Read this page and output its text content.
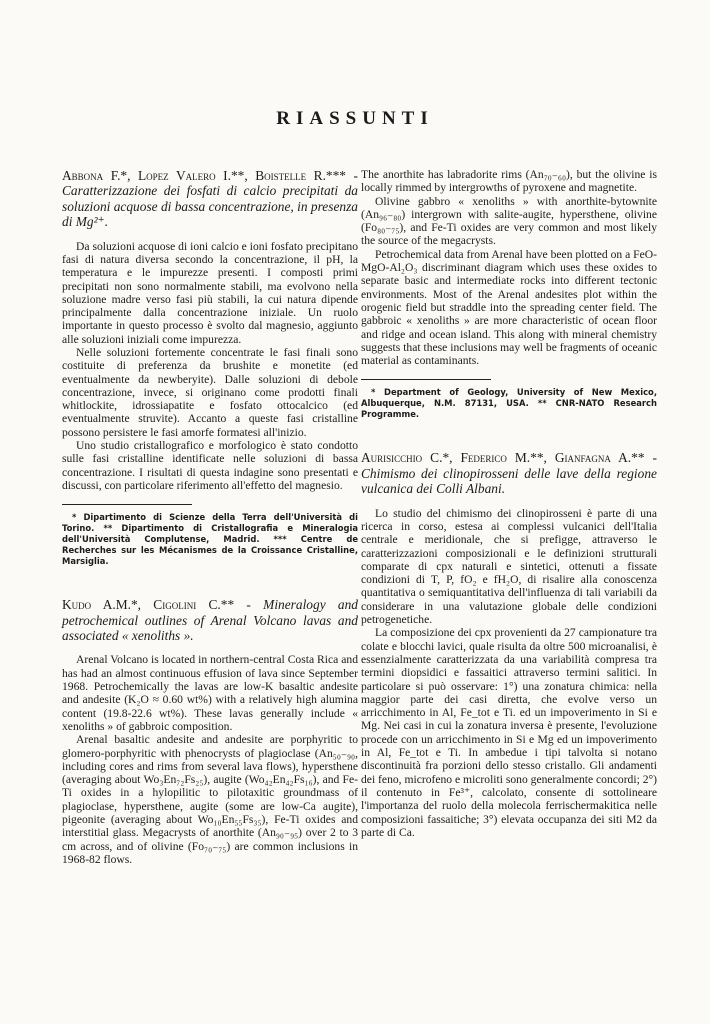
RIASSUNTI

Abbona F.*, Lopez Valero I.**, Boistelle R.*** - Caratterizzazione dei fosfati di calcio precipitati da soluzioni acquose di bassa concentrazione, in presenza di Mg²⁺.

Da soluzioni acquose di ioni calcio e ioni fosfato precipitano fasi di natura diversa secondo la concentrazione, il pH, la temperatura e le impurezze presenti. I composti primi precipitati non sono normalmente stabili, ma evolvono nella soluzione madre verso fasi più stabili, la cui natura dipende principalmente dalla concentrazione iniziale. Un ruolo importante in questo processo è svolto dal magnesio, aggiunto alle soluzioni iniziali come impurezza.

Nelle soluzioni fortemente concentrate le fasi finali sono costituite di preferenza da brushite e monetite (ed eventualmente da newberyite). Dalle soluzioni di debole concentrazione, invece, si originano come prodotti finali whitlockite, idrossiapatite e fosfato ottocalcico (ed eventualmente struvite). Accanto a queste fasi cristalline possono persistere le fasi amorfe formatesi all'inizio.

Uno studio cristallografico e morfologico è stato condotto sulle fasi cristalline identificate nelle soluzioni di bassa concentrazione. I risultati di questa indagine sono presentati e discussi, con particolare riferimento all'effetto del magnesio.

* Dipartimento di Scienze della Terra dell'Università di Torino. ** Dipartimento di Cristallografia e Mineralogia dell'Università Complutense, Madrid. *** Centre de Recherches sur les Mécanismes de la Croissance Cristalline, Marsiglia.

Kudo A.M.*, Cigolini C.** - Mineralogy and petrochemical outlines of Arenal Volcano lavas and associated « xenoliths ».

Arenal Volcano is located in northern-central Costa Rica and has had an almost continuous effusion of lava since September 1968. Petrochemically the lavas are low-K basaltic andesite and andesite (K₂O ≈ 0.60 wt%) with a relatively high alumina content (19.8-22.6 wt%). These lavas generally include « xenoliths » of gabbroic composition.

Arenal basaltic andesite and andesite are porphyritic to glomero-porphyritic with phenocrysts of plagioclase (An₅₀₋₉₀, including cores and rims from several lava flows), hypersthene (averaging about Wo₃En₇₂Fs₂₅), augite (Wo₄₂En₄₂Fs₁₆), and Fe-Ti oxides in a hylopilitic to pilotaxitic groundmass of plagioclase, hypersthene, augite (some are low-Ca augite), pigeonite (averaging about Wo₁₀En₅₅Fs₃₅), Fe-Ti oxides and interstitial glass. Megacrysts of anorthite (An₉₀₋₉₅) over 2 to 3 cm across, and of olivine (Fo₇₀₋₇₅) are common inclusions in 1968-82 flows.

The anorthite has labradorite rims (An₇₀₋₆₀), but the olivine is locally rimmed by intergrowths of pyroxene and magnetite.

Olivine gabbro « xenoliths » with anorthite-bytownite (An₉₆₋₈₀) intergrown with salite-augite, hypersthene, olivine (Fo₈₀₋₇₅), and Fe-Ti oxides are very common and most likely the source of the megacrysts.

Petrochemical data from Arenal have been plotted on a FeO-MgO-Al₂O₃ discriminant diagram which uses these oxides to separate basic and intermediate rocks into different tectonic environments. Most of the Arenal andesites plot within the orogenic field but straddle into the spreading center field. The gabbroic « xenoliths » are more characteristic of ocean floor and ridge and ocean island. This along with mineral chemistry suggests that these inclusions may well be fragments of oceanic material as contaminants.

* Department of Geology, University of New Mexico, Albuquerque, N.M. 87131, USA. ** CNR-NATO Research Programme.

Aurisicchio C.*, Federico M.**, Gianfagna A.** - Chimismo dei clinopirosseni delle lave della regione vulcanica dei Colli Albani.

Lo studio del chimismo dei clinopirosseni è parte di una ricerca in corso, estesa ai complessi vulcanici dell'Italia centrale e meridionale, che si prefigge, attraverso le caratterizzazioni composizionali e le definizioni strutturali comparate di cpx naturali e sintetici, ottenuti a fissate condizioni di T, P, fO₂ e fH₂O, di risalire alla conoscenza quantitativa o semiquantitativa dell'influenza di tali variabili da considerare in una valutazione globale delle condizioni petrogenetiche.

La composizione dei cpx provenienti da 27 campionature tra colate e blocchi lavici, quale risulta da oltre 500 microanalisi, è essenzialmente caratterizzata da una variabilità compresa tra termini diopsidici e fassaitici attraverso termini salitici. In particolare si può osservare: 1°) una zonatura chimica: nella maggior parte dei casi diretta, che evolve verso un arricchimento in Al, Fe_tot e Ti. ed un impoverimento in Si e Mg. Nei casi in cui la zonatura inversa è presente, l'evoluzione procede con un arricchimento in Si e Mg ed un impoverimento in Al, Fe_tot e Ti. In ambedue i tipi talvolta si notano discontinuità fra porzioni dello stesso cristallo. Gli andamenti dei feno, microfeno e microliti sono generalmente concordi; 2°) il contenuto in Fe³⁺, calcolato, consente di sottolineare l'importanza del ruolo della molecola ferrischermakitica nelle composizioni fassaitiche; 3°) elevata occupanza dei siti M2 da parte di Ca.
